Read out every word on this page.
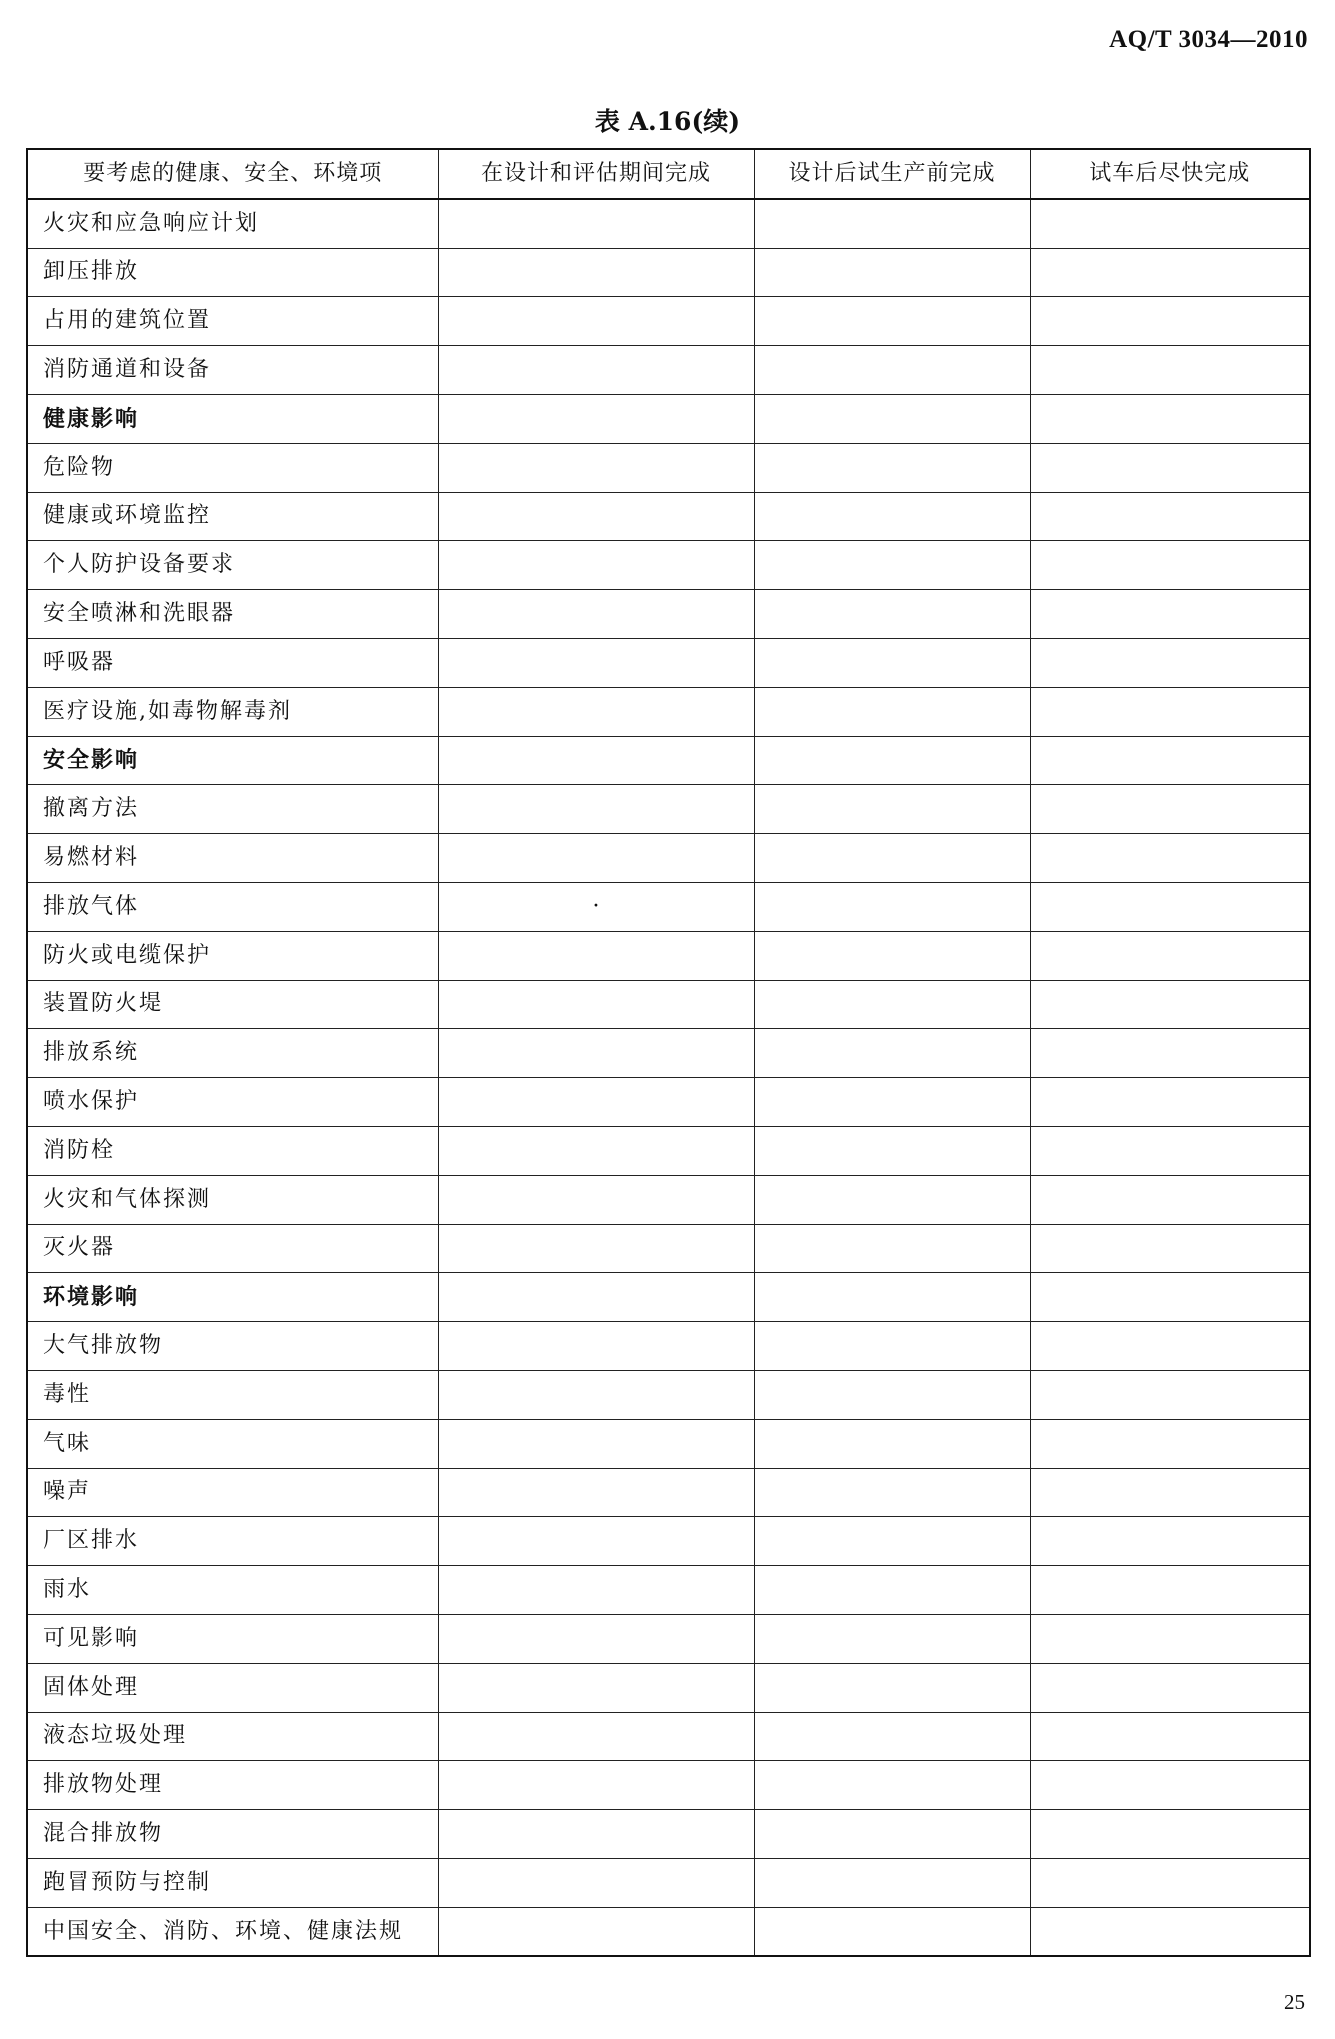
AQ/T 3034—2010
表 A.16(续)
要考虑的健康、安全、环境项	在设计和评估期间完成	设计后试生产前完成	试车后尽快完成
火灾和应急响应计划			
卸压排放			
占用的建筑位置			
消防通道和设备			
健康影响			
危险物			
健康或环境监控			
个人防护设备要求			
安全喷淋和洗眼器			
呼吸器			
医疗设施,如毒物解毒剂			
安全影响			
撤离方法			
易燃材料			
排放气体	·		
防火或电缆保护			
装置防火堤			
排放系统			
喷水保护			
消防栓			
火灾和气体探测			
灭火器			
环境影响			
大气排放物			
毒性			
气味			
噪声			
厂区排水			
雨水			
可见影响			
固体处理			
液态垃圾处理			
排放物处理			
混合排放物			
跑冒预防与控制			
中国安全、消防、环境、健康法规			
25
